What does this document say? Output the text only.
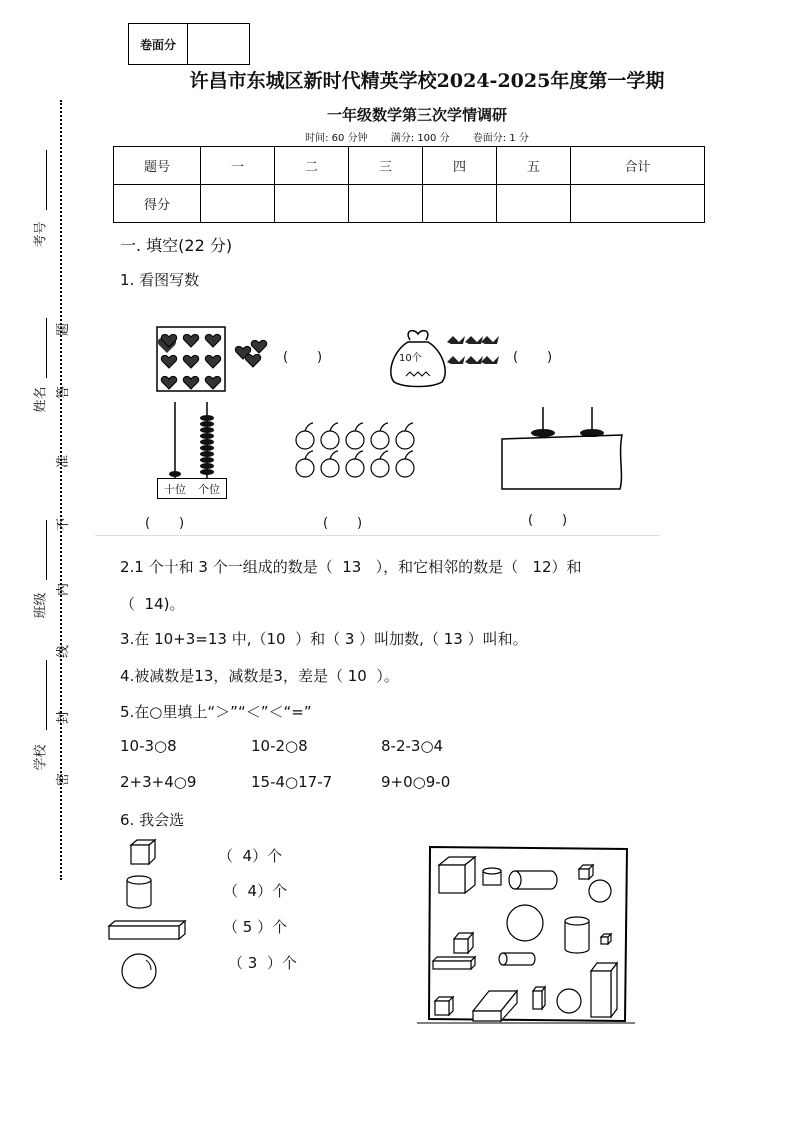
卷面分
许昌市东城区新时代精英学校2024-2025年度第一学期
一年级数学第三次学情调研
时间: 60 分钟 满分: 100 分 卷面分: 1 分
题号	一	二	三	四	五	合计
得分						
考号
姓名
班级
学校
题
答
准
不
内
线
封
密
一. 填空(22 分)
1. 看图写数
(       )	10个	(       )
十位 个位
(       )	(       )	(       )
2.1 个十和 3 个一组成的数是（  13   ），和它相邻的数是（   12）和
（  14)。
3.在 10+3=13 中,（10  ）和（ 3 ）叫加数,（ 13 ）叫和。
4.被减数是13，减数是3，差是（ 10  ）。
5.在○里填上“＞”“＜”＜“=”
10-3○8	10-2○8	8-2-3○4
2+3+4○9	15-4○17-7	9+0○9-0
6. 我会选
（  4）个
（  4）个
（ 5 ）个
（ 3  ）个
